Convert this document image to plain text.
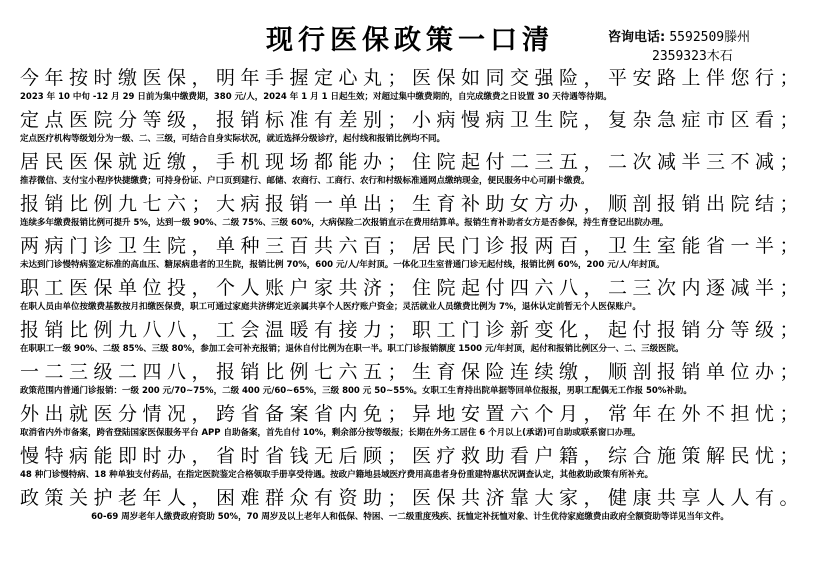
现行医保政策一口清	咨询电话: 5592509滕州
2359323木石
今年按时缴医保，明年手握定心丸；医保如同交强险，平安路上伴您行；
2023 年 10 中旬 -12 月 29 日前为集中缴费期，380 元/人，2024 年 1 月 1 日起生效；对超过集中缴费期的，自完成缴费之日设置 30 天待遇等待期。
定点医院分等级，报销标准有差别；小病慢病卫生院，复杂急症市区看；
定点医疗机构等级划分为一级、二、三级，可结合自身实际状况，就近选择分级诊疗，起付线和报销比例均不同。
居民医保就近缴，手机现场都能办；住院起付二三五，二次减半三不减；
推荐微信、支付宝小程序快捷缴费；可持身份证、户口页到建行、邮储、农商行、工商行、农行和村级标准通网点缴纳现金，便民服务中心可刷卡缴费。
报销比例九七六；大病报销一单出；生育补助女方办，顺剖报销出院结；
连续多年缴费报销比例可提升 5%，达到一级 90%、二级 75%、三级 60%，大病保险二次报销直示在费用结算单。报销生育补助者女方是否参保，持生育登记出院办理。
两病门诊卫生院，单种三百共六百；居民门诊报两百，卫生室能省一半；
未达到门诊慢特病鉴定标准的高血压、糖尿病患者的卫生院，报销比例 70%，600 元/人/年封顶。一体化卫生室普通门诊无起付线，报销比例 60%，200 元/人/年封顶。
职工医保单位投，个人账户家共济；住院起付四六八，二三次内逐减半；
在职人员由单位按缴费基数按月扣缴医保费，职工可通过家庭共济绑定近亲属共享个人医疗账户资金；灵活就业人员缴费比例为 7%，退休认定前暂无个人医保账户。
报销比例九八八，工会温暖有接力；职工门诊新变化，起付报销分等级；
在职职工一级 90%、二级 85%、三级 80%，参加工会可补充报销；退休自付比例为在职一半。职工门诊报销额度 1500 元/年封顶，起付和报销比例区分一、二、三级医院。
一二三级二四八，报销比例七六五；生育保险连续缴，顺剖报销单位办；
政策范围内普通门诊报销：一级 200 元/70~75%，二级 400 元/60~65%，三级 800 元 50~55%。女职工生育持出院单据等回单位报报，男职工配偶无工作报 50%补助。
外出就医分情况，跨省备案省内免；异地安置六个月，常年在外不担忧；
取消省内外市备案，跨省登陆国家医保服务平台 APP 自助备案，首先自付 10%，剩余部分按等级报；长期在外务工居住 6 个月以上(承诺)可自助或联系窗口办理。
慢特病能即时办，省时省钱无后顾；医疗救助看户籍，综合施策解民忧；
48 种门诊慢特病、18 种单独支付药品，在指定医院鉴定合格领取手册享受待遇。按政户籍地县域医疗费用高患者身份重建特惠状况调查认定，其他救助政策有所补充。
政策关护老年人，困难群众有资助；医保共济靠大家，健康共享人人有。
60-69 周岁老年人缴费政府资助 50%，70 周岁及以上老年人和低保、特困、一二级重度残疾、抚恤定补抚恤对象、计生优待家庭缴费由政府全额资助等详见当年文件。
